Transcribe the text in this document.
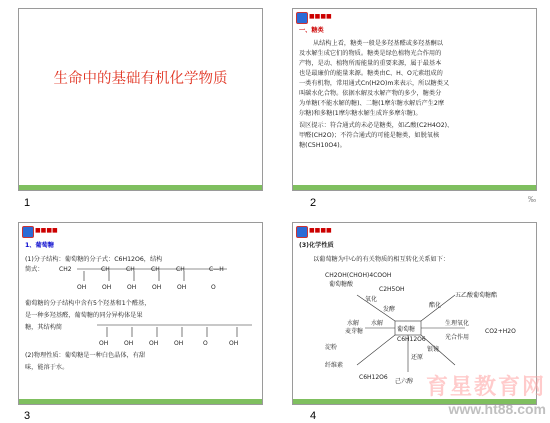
生命中的基础有机化学物质
1
■■■■
一、糖类
从结构上看，糖类一般是多羟基醛或多羟基酮以
及水解生成它们的物质。糖类是绿色植物光合作用的
产物，是动、植物所需能量的重要来源，属于最基本
也是最廉价的能量来源。糖类由C、H、O元素组成的
一类有机物，常用通式Cn(H2O)m来表示，所以糖类又
叫碳水化合物。依据水解及水解产物的多少，糖类分
为单糖(不能水解的糖)、二糖(1摩尔糖水解后产生2摩
尔糖)和多糖(1摩尔糖水解生成许多摩尔糖)。
误区提示：符合通式的未必是糖类，如乙酸(C2H4O2)、
甲醛(CH2O)；不符合通式的可能是糖类，如脱氧核
糖(C5H10O4)。
2	‰
■■■■
1、葡萄糖
(1)分子结构：葡萄糖的分子式：C6H12O6，结构
简式：	CH2	CH	CH	CH	CH	C—H
OH	OH	OH	OH	OH	O
葡萄糖的分子结构中含有5个羟基和1个醛基，
是一种多羟基醛，葡萄糖的同分异构体是果
糖，其结构简
OH	OH	OH	OH	O	OH
(2)物理性质：葡萄糖是一种白色晶体，有甜
味，能溶于水。
3
■■■■
(3)化学性质
以葡萄糖为中心的有关物质的相互转化关系如下：
葡萄糖
CH2OH(CHOH)4COOH
葡萄糖酸
氧化
C2H5OH
发酵
水解
麦芽糖
淀粉
纤维素
水解
酯化
生理氧化
光合作用
CO2+H2O
银镜
五乙酸葡萄糖酯
还原
己六醇
C6H12O6
C6H12O6
4
育星教育网
www.ht88.com
